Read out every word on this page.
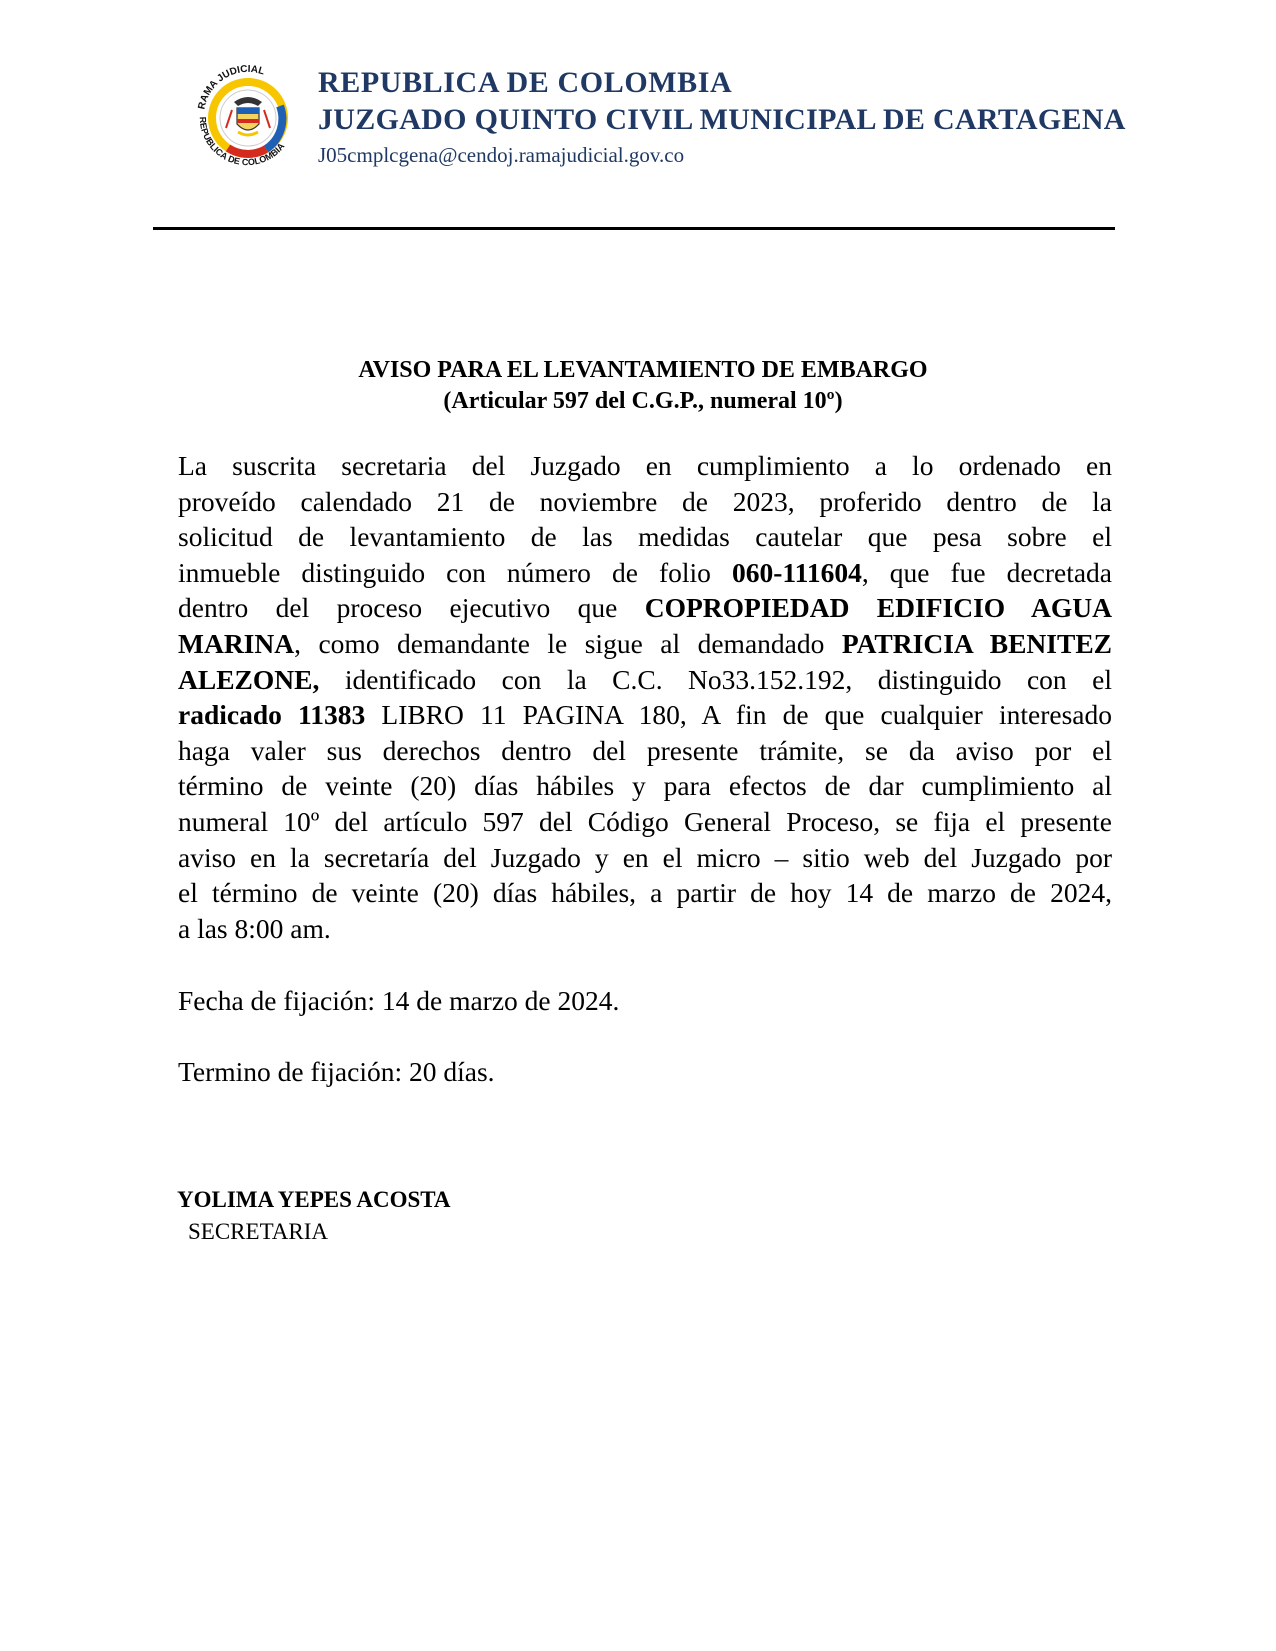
RAMA JUDICIAL
REPUBLICA DE COLOMBIA
REPUBLICA DE COLOMBIA
JUZGADO QUINTO CIVIL MUNICIPAL DE CARTAGENA
J05cmplcgena@cendoj.ramajudicial.gov.co
AVISO PARA EL LEVANTAMIENTO DE EMBARGO
(Articular 597 del C.G.P., numeral 10º)
La suscrita secretaria del Juzgado en cumplimiento a lo ordenado en
proveído calendado 21 de noviembre de 2023, proferido dentro de la
solicitud de levantamiento de las medidas cautelar que pesa sobre el
inmueble distinguido con número de folio 060-111604, que fue decretada
dentro del proceso ejecutivo que COPROPIEDAD EDIFICIO AGUA
MARINA, como demandante le sigue al demandado PATRICIA BENITEZ
ALEZONE, identificado con la C.C. No33.152.192, distinguido con el
radicado 11383 LIBRO 11 PAGINA 180, A fin de que cualquier interesado
haga valer sus derechos dentro del presente trámite, se da aviso por el
término de veinte (20) días hábiles y para efectos de dar cumplimiento al
numeral 10º del artículo 597 del Código General Proceso, se fija el presente
aviso en la secretaría del Juzgado y en el micro – sitio web del Juzgado por
el término de veinte (20) días hábiles, a partir de hoy 14 de marzo de 2024,
a las 8:00 am.
Fecha de fijación: 14 de marzo de 2024.
Termino de fijación: 20 días.
YOLIMA YEPES ACOSTA
SECRETARIA
